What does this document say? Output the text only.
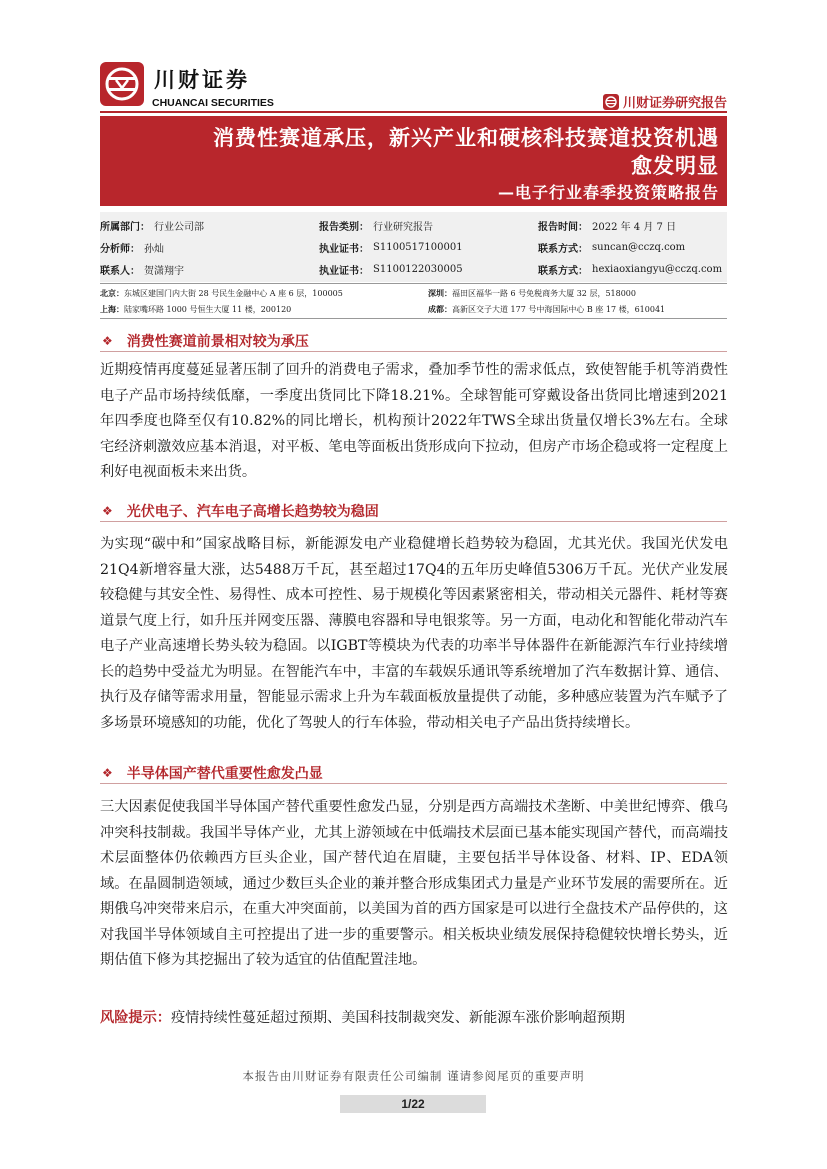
川财证券
CHUANCAI SECURITIES	川财证券研究报告
消费性赛道承压，新兴产业和硬核科技赛道投资机遇
愈发明显
—电子行业春季投资策略报告
所属部门： 行业公司部	报告类别： 行业研究报告	报告时间： 2022 年 4 月 7 日
分析师： 孙灿	执业证书： S1100517100001	联系方式： suncan@cczq.com
联系人： 贺潇翔宇	执业证书： S1100122030005	联系方式： hexiaoxiangyu@cczq.com
北京：东城区建国门内大街 28 号民生金融中心 A 座 6 层，100005	深圳：福田区福华一路 6 号免税商务大厦 32 层，518000
上海：陆家嘴环路 1000 号恒生大厦 11 楼，200120	成都：高新区交子大道 177 号中海国际中心 B 座 17 楼，610041
❖ 消费性赛道前景相对较为承压
近期疫情再度蔓延显著压制了回升的消费电子需求，叠加季节性的需求低点，致使智能手机等消费性电子产品市场持续低靡，一季度出货同比下降18.21%。全球智能可穿戴设备出货同比增速到2021年四季度也降至仅有10.82%的同比增长，机构预计2022年TWS全球出货量仅增长3%左右。全球宅经济刺激效应基本消退，对平板、笔电等面板出货形成向下拉动，但房产市场企稳或将一定程度上利好电视面板未来出货。
❖ 光伏电子、汽车电子高增长趋势较为稳固
为实现“碳中和”国家战略目标，新能源发电产业稳健增长趋势较为稳固，尤其光伏。我国光伏发电21Q4新增容量大涨，达5488万千瓦，甚至超过17Q4的五年历史峰值5306万千瓦。光伏产业发展较稳健与其安全性、易得性、成本可控性、易于规模化等因素紧密相关，带动相关元器件、耗材等赛道景气度上行，如升压并网变压器、薄膜电容器和导电银浆等。另一方面，电动化和智能化带动汽车电子产业高速增长势头较为稳固。以IGBT等模块为代表的功率半导体器件在新能源汽车行业持续增长的趋势中受益尤为明显。在智能汽车中，丰富的车载娱乐通讯等系统增加了汽车数据计算、通信、执行及存储等需求用量，智能显示需求上升为车载面板放量提供了动能，多种感应装置为汽车赋予了多场景环境感知的功能，优化了驾驶人的行车体验，带动相关电子产品出货持续增长。
❖ 半导体国产替代重要性愈发凸显
三大因素促使我国半导体国产替代重要性愈发凸显，分别是西方高端技术垄断、中美世纪博弈、俄乌冲突科技制裁。我国半导体产业，尤其上游领域在中低端技术层面已基本能实现国产替代，而高端技术层面整体仍依赖西方巨头企业，国产替代迫在眉睫，主要包括半导体设备、材料、IP、EDA领域。在晶圆制造领域，通过少数巨头企业的兼并整合形成集团式力量是产业环节发展的需要所在。近期俄乌冲突带来启示，在重大冲突面前，以美国为首的西方国家是可以进行全盘技术产品停供的，这对我国半导体领域自主可控提出了进一步的重要警示。相关板块业绩发展保持稳健较快增长势头，近期估值下修为其挖掘出了较为适宜的估值配置洼地。
风险提示：疫情持续性蔓延超过预期、美国科技制裁突发、新能源车涨价影响超预期
本报告由川财证券有限责任公司编制 谨请参阅尾页的重要声明
1/22
